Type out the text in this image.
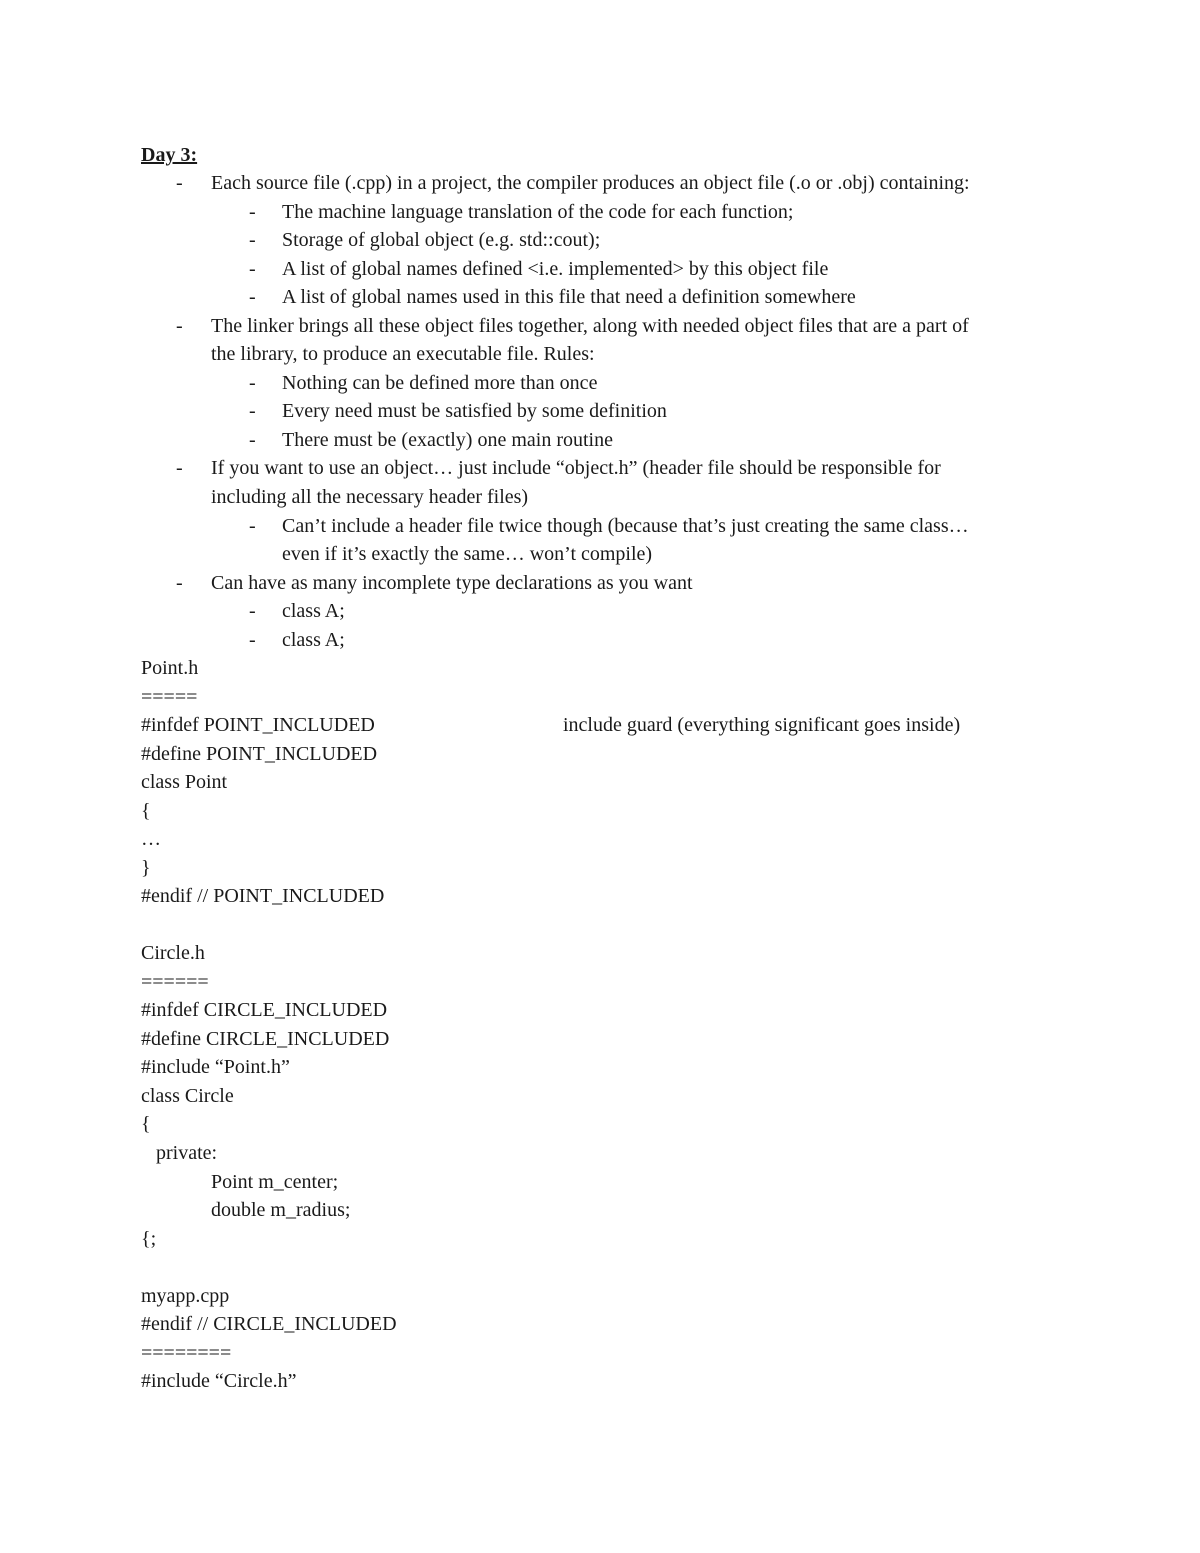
Day 3:
- Each source file (.cpp) in a project, the compiler produces an object file (.o or .obj) containing:
- The machine language translation of the code for each function;
- Storage of global object (e.g. std::cout);
- A list of global names defined <i.e. implemented> by this object file
- A list of global names used in this file that need a definition somewhere
- The linker brings all these object files together, along with needed object files that are a part of
the library, to produce an executable file. Rules:
- Nothing can be defined more than once
- Every need must be satisfied by some definition
- There must be (exactly) one main routine
- If you want to use an object… just include “object.h” (header file should be responsible for
including all the necessary header files)
- Can’t include a header file twice though (because that’s just creating the same class…
even if it’s exactly the same… won’t compile)
- Can have as many incomplete type declarations as you want
- class A;
- class A;
Point.h
=====
#infdef POINT_INCLUDED	include guard (everything significant goes inside)
#define POINT_INCLUDED
class Point
{
…
}
#endif // POINT_INCLUDED
Circle.h
======
#infdef CIRCLE_INCLUDED
#define CIRCLE_INCLUDED
#include “Point.h”
class Circle
{
private:
Point m_center;
double m_radius;
{;
myapp.cpp
#endif // CIRCLE_INCLUDED
========
#include “Circle.h”
